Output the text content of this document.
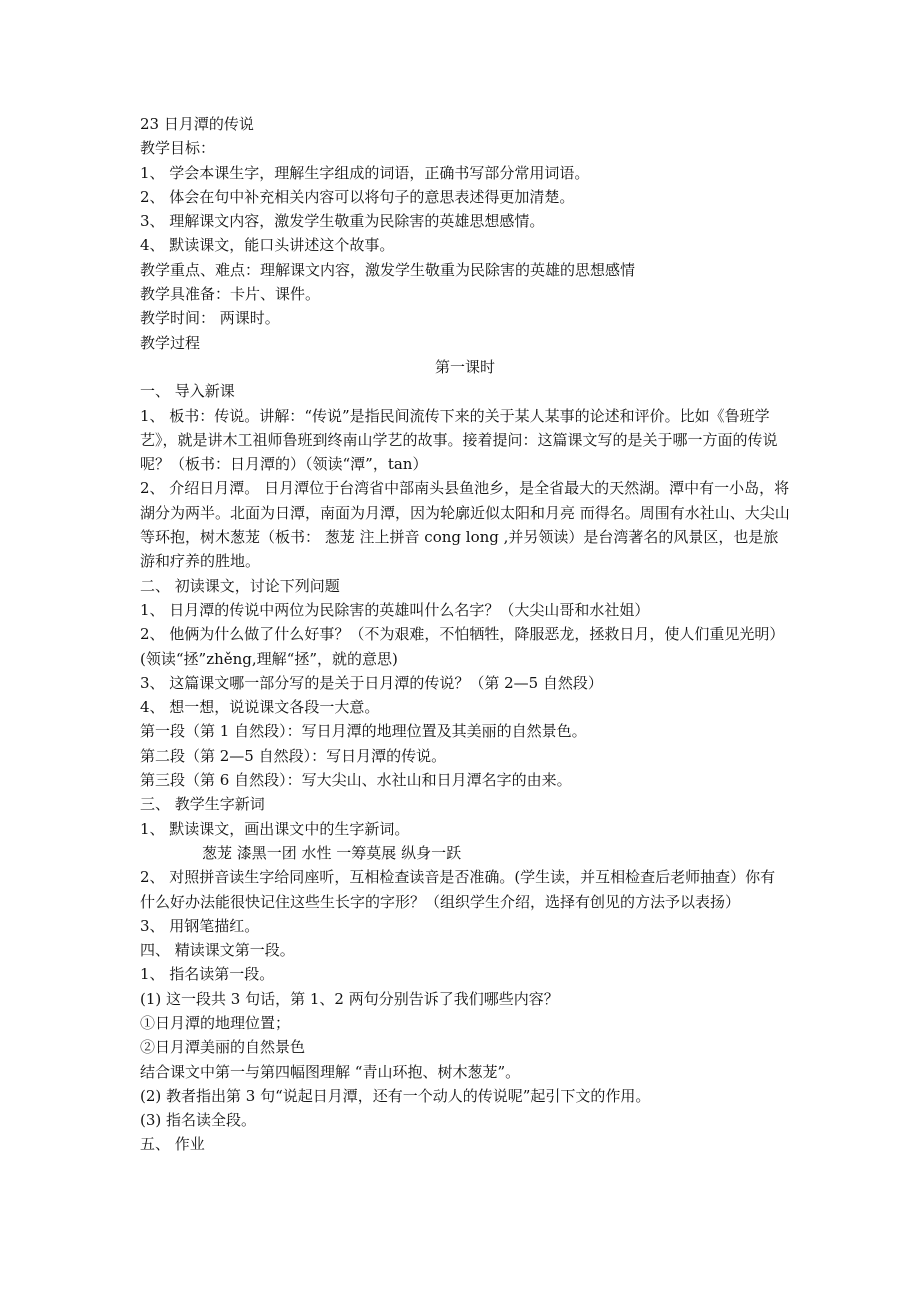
23 日月潭的传说

教学目标：

1、 学会本课生字，理解生字组成的词语，正确书写部分常用词语。

2、 体会在句中补充相关内容可以将句子的意思表述得更加清楚。

3、 理解课文内容，激发学生敬重为民除害的英雄思想感情。

4、 默读课文，能口头讲述这个故事。

教学重点、难点：理解课文内容，激发学生敬重为民除害的英雄的思想感情

教学具准备：卡片、课件。

教学时间： 两课时。

教学过程

第一课时

一、 导入新课

1、 板书：传说。讲解：“传说”是指民间流传下来的关于某人某事的论述和评价。比如《鲁班学艺》，就是讲木工祖师鲁班到终南山学艺的故事。接着提问：这篇课文写的是关于哪一方面的传说呢？（板书：日月潭的）（领读“潭”，tan）

2、 介绍日月潭。 日月潭位于台湾省中部南头县鱼池乡，是全省最大的天然湖。潭中有一小岛，将湖分为两半。北面为日潭，南面为月潭，因为轮廓近似太阳和月亮 而得名。周围有水社山、大尖山等环抱，树木葱茏（板书： 葱茏 注上拼音 cong long ,并另领读）是台湾著名的风景区，也是旅游和疗养的胜地。

二、 初读课文，讨论下列问题

1、 日月潭的传说中两位为民除害的英雄叫什么名字？（大尖山哥和水社姐）

2、 他俩为什么做了什么好事？（不为艰难，不怕牺牲，降服恶龙，拯救日月，使人们重见光明）(领读“拯”zhěng,理解“拯”，就的意思)

3、 这篇课文哪一部分写的是关于日月潭的传说？（第 2—5 自然段）

4、 想一想，说说课文各段一大意。

第一段（第 1 自然段）：写日月潭的地理位置及其美丽的自然景色。

第二段（第 2—5 自然段）：写日月潭的传说。

第三段（第 6 自然段）：写大尖山、水社山和日月潭名字的由来。

三、 教学生字新词

1、 默读课文，画出课文中的生字新词。

葱茏 漆黑一团 水性 一筹莫展 纵身一跃

2、 对照拼音读生字给同座听，互相检查读音是否准确。(学生读，并互相检查后老师抽查）你有什么好办法能很快记住这些生长字的字形？（组织学生介绍，选择有创见的方法予以表扬）

3、 用钢笔描红。

四、 精读课文第一段。

1、 指名读第一段。

(1) 这一段共 3 句话，第 1、2 两句分别告诉了我们哪些内容？

①日月潭的地理位置；

②日月潭美丽的自然景色

结合课文中第一与第四幅图理解 “青山环抱、树木葱茏”。

(2) 教者指出第 3 句“说起日月潭，还有一个动人的传说呢”起引下文的作用。

(3) 指名读全段。

五、 作业
